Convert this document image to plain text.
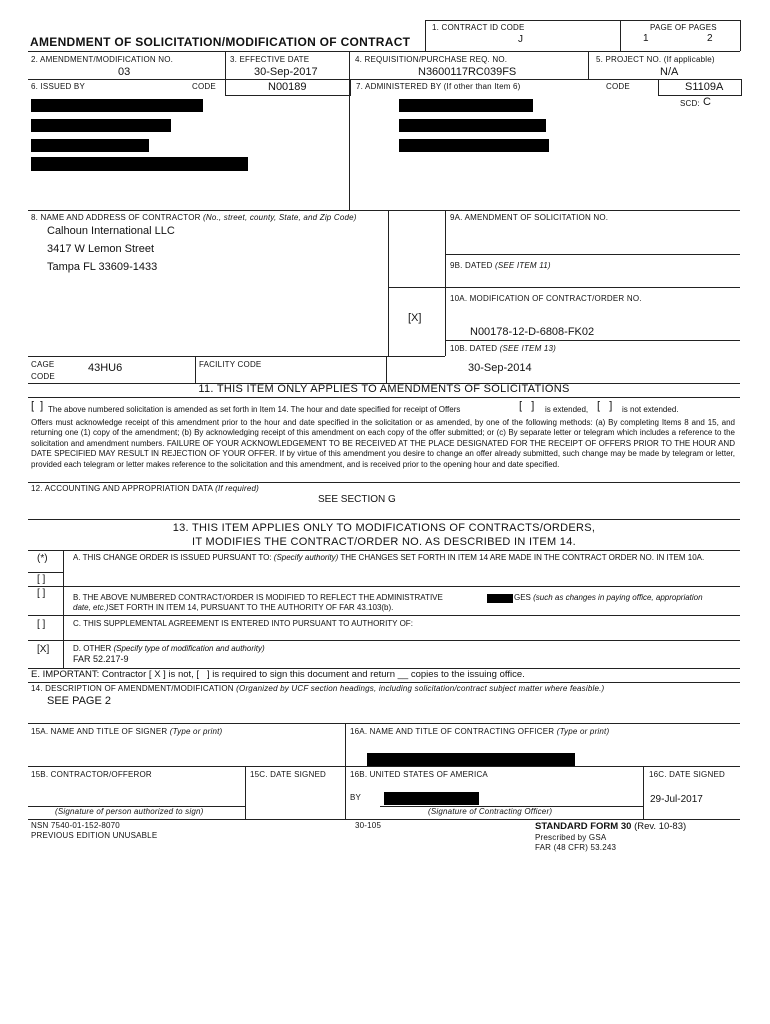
AMENDMENT OF SOLICITATION/MODIFICATION OF CONTRACT
1. CONTRACT ID CODE
J
PAGE OF PAGES
1	2
2. AMENDMENT/MODIFICATION NO.
03
3. EFFECTIVE DATE
30-Sep-2017
4. REQUISITION/PURCHASE REQ. NO.
N3600117RC039FS
5. PROJECT NO. (If applicable)
N/A
6. ISSUED BY	CODE	N00189	7. ADMINISTERED BY (If other than Item 6)	CODE	S1109A
SCD: C
8. NAME AND ADDRESS OF CONTRACTOR (No., street, county, State, and Zip Code)
Calhoun International LLC
3417 W Lemon Street
Tampa FL 33609-1433
9A. AMENDMENT OF SOLICITATION NO.
9B. DATED (SEE ITEM 11)
10A. MODIFICATION OF CONTRACT/ORDER NO.
[X]
N00178-12-D-6808-FK02
10B. DATED (SEE ITEM 13)
30-Sep-2014
CAGE
CODE
43HU6	FACILITY CODE
11. THIS ITEM ONLY APPLIES TO AMENDMENTS OF SOLICITATIONS
[  ] The above numbered solicitation is amended as set forth in Item 14. The hour and date specified for receipt of Offers	[   ] is extended, [   ] is not extended.
Offers must acknowledge receipt of this amendment prior to the hour and date specified in the solicitation or as amended, by one of the following methods: (a) By completing Items 8 and 15, and returning one (1) copy of the amendment; (b) By acknowledging receipt of this amendment on each copy of the offer submitted; or (c) By separate letter or telegram which includes a reference to the solicitation and amendment numbers. FAILURE OF YOUR ACKNOWLEDGEMENT TO BE RECEIVED AT THE PLACE DESIGNATED FOR THE RECEIPT OF OFFERS PRIOR TO THE HOUR AND DATE SPECIFIED MAY RESULT IN REJECTION OF YOUR OFFER. If by virtue of this amendment you desire to change an offer already submitted, such change may be made by telegram or letter, provided each telegram or letter makes reference to the solicitation and this amendment, and is received prior to the opening hour and date specified.
12. ACCOUNTING AND APPROPRIATION DATA (If required)
SEE SECTION G
13. THIS ITEM APPLIES ONLY TO MODIFICATIONS OF CONTRACTS/ORDERS,
IT MODIFIES THE CONTRACT/ORDER NO. AS DESCRIBED IN ITEM 14.
(*)	A. THIS CHANGE ORDER IS ISSUED PURSUANT TO: (Specify authority) THE CHANGES SET FORTH IN ITEM 14 ARE MADE IN THE CONTRACT ORDER NO. IN ITEM 10A.
[ ]
[ ]	B. THE ABOVE NUMBERED CONTRACT/ORDER IS MODIFIED TO REFLECT THE ADMINISTRATIVE	GES (such as changes in paying office, appropriation
date, etc.)SET FORTH IN ITEM 14, PURSUANT TO THE AUTHORITY OF FAR 43.103(b).
[ ]	C. THIS SUPPLEMENTAL AGREEMENT IS ENTERED INTO PURSUANT TO AUTHORITY OF:
[X]	D. OTHER (Specify type of modification and authority)
FAR 52.217-9
E. IMPORTANT: Contractor [ X ] is not, [ ] is required to sign this document and return __ copies to the issuing office.
14. DESCRIPTION OF AMENDMENT/MODIFICATION (Organized by UCF section headings, including solicitation/contract subject matter where feasible.)
SEE PAGE 2
15A. NAME AND TITLE OF SIGNER (Type or print)	16A. NAME AND TITLE OF CONTRACTING OFFICER (Type or print)
15B. CONTRACTOR/OFFEROR	15C. DATE SIGNED	16B. UNITED STATES OF AMERICA	16C. DATE SIGNED
BY	29-Jul-2017
(Signature of person authorized to sign)	(Signature of Contracting Officer)
NSN 7540-01-152-8070
PREVIOUS EDITION UNUSABLE
30-105	STANDARD FORM 30 (Rev. 10-83)
Prescribed by GSA
FAR (48 CFR) 53.243
